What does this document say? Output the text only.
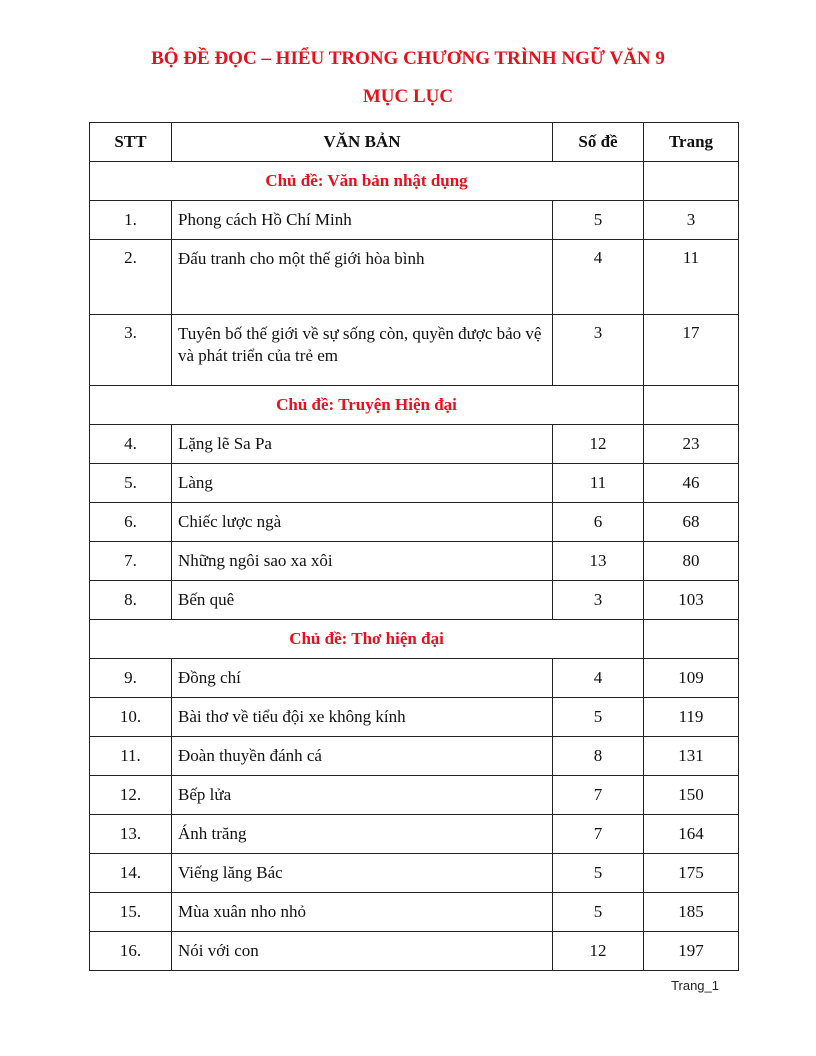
BỘ ĐỀ ĐỌC – HIỂU TRONG CHƯƠNG TRÌNH NGỮ VĂN 9
MỤC LỤC
STT	VĂN BẢN	Số đề	Trang
Chủ đề: Văn bản nhật dụng			
1.	Phong cách Hồ Chí Minh	5	3
2.	Đấu tranh cho một thế giới hòa bình	4	11
3.	Tuyên bố thế giới về sự sống còn, quyền được bảo vệ và phát triển của trẻ em	3	17
Chủ đề: Truyện Hiện đại			
4.	Lặng lẽ Sa Pa	12	23
5.	Làng	11	46
6.	Chiếc lược ngà	6	68
7.	Những ngôi sao xa xôi	13	80
8.	Bến quê	3	103
Chủ đề: Thơ hiện đại			
9.	Đồng chí	4	109
10.	Bài thơ về tiểu đội xe không kính	5	119
11.	Đoàn thuyền đánh cá	8	131
12.	Bếp lửa	7	150
13.	Ánh trăng	7	164
14.	Viếng lăng Bác	5	175
15.	Mùa xuân nho nhỏ	5	185
16.	Nói với con	12	197
Trang_1
